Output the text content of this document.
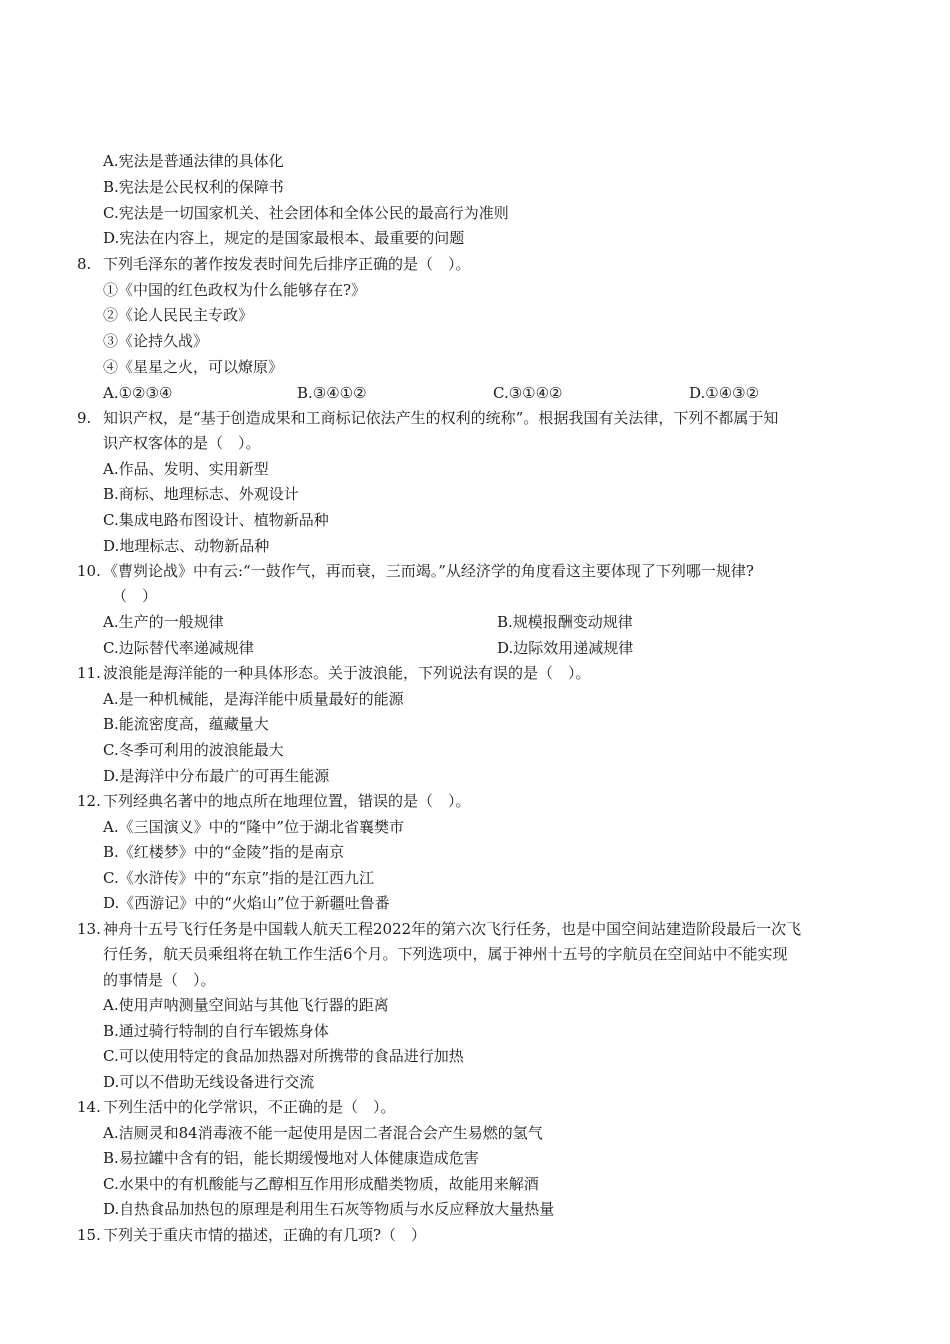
A.宪法是普通法律的具体化
B.宪法是公民权利的保障书
C.宪法是一切国家机关、社会团体和全体公民的最高行为准则
D.宪法在内容上，规定的是国家最根本、最重要的问题
8. 下列毛泽东的著作按发表时间先后排序正确的是（　）。
①《中国的红色政权为什么能够存在?》
②《论人民民主专政》
③《论持久战》
④《星星之火，可以燎原》
A.①②③④	B.③④①②	C.③①④②	D.①④③②
9. 知识产权，是“基于创造成果和工商标记依法产生的权利的统称”。根据我国有关法律，下列不都属于知
识产权客体的是（　）。
A.作品、发明、实用新型
B.商标、地理标志、外观设计
C.集成电路布图设计、植物新品种
D.地理标志、动物新品种
10. 《曹刿论战》中有云:“一鼓作气，再而衰，三而竭。”从经济学的角度看这主要体现了下列哪一规律?
（　）
A.生产的一般规律	B.规模报酬变动规律
C.边际替代率递减规律	D.边际效用递减规律
11. 波浪能是海洋能的一种具体形态。关于波浪能，下列说法有误的是（　）。
A.是一种机械能，是海洋能中质量最好的能源
B.能流密度高，蕴藏量大
C.冬季可利用的波浪能最大
D.是海洋中分布最广的可再生能源
12. 下列经典名著中的地点所在地理位置，错误的是（　）。
A.《三国演义》中的“隆中”位于湖北省襄樊市
B.《红楼梦》中的“金陵”指的是南京
C.《水浒传》中的“东京”指的是江西九江
D.《西游记》中的“火焰山”位于新疆吐鲁番
13. 神舟十五号飞行任务是中国载人航天工程2022年的第六次飞行任务，也是中国空间站建造阶段最后一次飞
行任务，航天员乘组将在轨工作生活6个月。下列选项中，属于神州十五号的字航员在空间站中不能实现
的事情是（　）。
A.使用声呐测量空间站与其他飞行器的距离
B.通过骑行特制的自行车锻炼身体
C.可以使用特定的食品加热器对所携带的食品进行加热
D.可以不借助无线设备进行交流
14. 下列生活中的化学常识，不正确的是（　）。
A.洁厕灵和84消毒液不能一起使用是因二者混合会产生易燃的氢气
B.易拉罐中含有的铝，能长期缓慢地对人体健康造成危害
C.水果中的有机酸能与乙醇相互作用形成醋类物质，故能用来解酒
D.自热食品加热包的原理是利用生石灰等物质与水反应释放大量热量
15. 下列关于重庆市情的描述，正确的有几项?（　）
